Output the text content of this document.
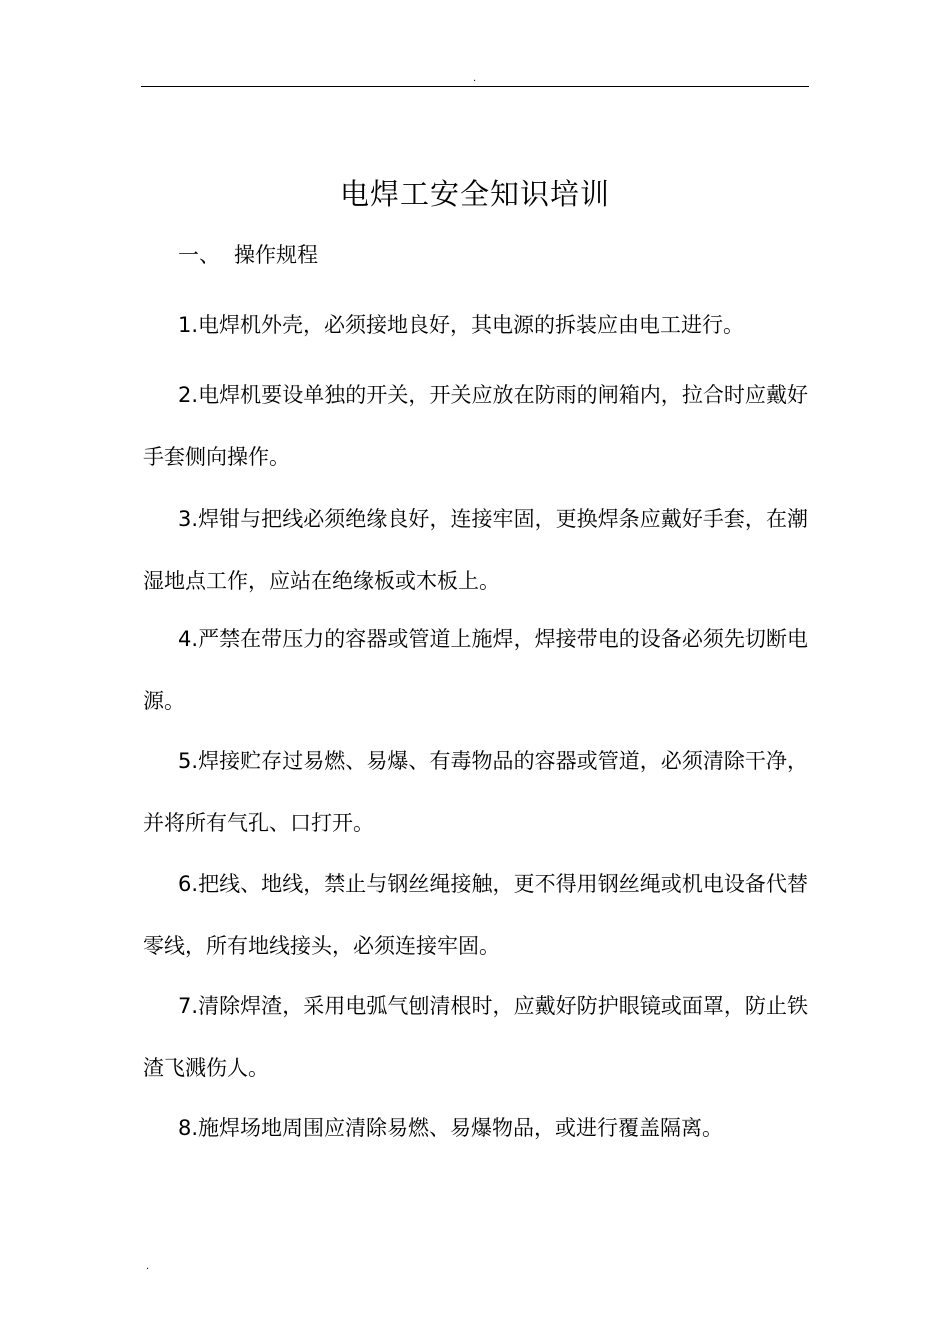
.
电焊工安全知识培训
一、 操作规程

1.电焊机外壳，必须接地良好，其电源的拆装应由电工进行。

2.电焊机要设单独的开关，开关应放在防雨的闸箱内，拉合时应戴好手套侧向操作。

3.焊钳与把线必须绝缘良好，连接牢固，更换焊条应戴好手套，在潮湿地点工作，应站在绝缘板或木板上。

4.严禁在带压力的容器或管道上施焊，焊接带电的设备必须先切断电源。

5.焊接贮存过易燃、易爆、有毒物品的容器或管道，必须清除干净，并将所有气孔、口打开。

6.把线、地线，禁止与钢丝绳接触，更不得用钢丝绳或机电设备代替零线，所有地线接头，必须连接牢固。

7.清除焊渣，采用电弧气刨清根时，应戴好防护眼镜或面罩，防止铁渣飞溅伤人。

8.施焊场地周围应清除易燃、易爆物品，或进行覆盖隔离。

.
